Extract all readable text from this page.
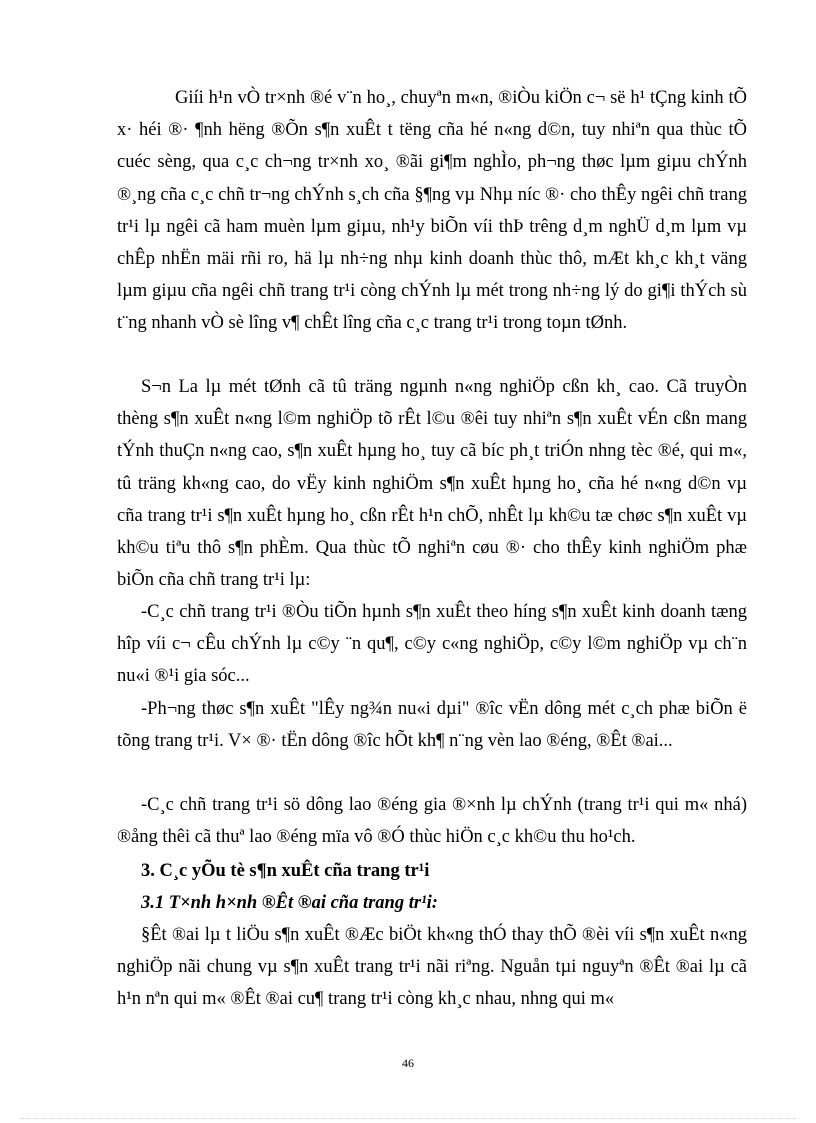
Giíi h¹n vÒ tr×nh ®é v¨n ho¸, chuyªn m«n, ®iÒu kiÖn c¬ së h¹ tÇng kinh tÕ x· héi ®· ¶nh hëng ®Õn s¶n xuÊt t tëng cña hé n«ng d©n, tuy nhiªn qua thùc tÕ cuéc sèng, qua c¸c ch¬ng tr×nh xo¸ ®ãi gi¶m nghÌo, ph¬ng thøc lµm giµu chÝnh ®¸ng cña c¸c chñ tr¬ng chÝnh s¸ch cña §¶ng vµ Nhµ níc ®· cho thÊy ngêi chñ trang tr¹i lµ ngêi cã ham muèn lµm giµu, nh¹y biÕn víi thÞ trêng d¸m nghÜ d¸m lµm vµ chÊp nhËn mäi rñi ro, hä lµ nh÷ng nhµ kinh doanh thùc thô, mÆt kh¸c kh¸t väng lµm giµu cña ngêi chñ trang tr¹i còng chÝnh lµ mét trong nh÷ng lý do gi¶i thÝch sù t¨ng nhanh vÒ sè lîng v¶ chÊt lîng cña c¸c trang tr¹i trong toµn tØnh.

S¬n La lµ mét tØnh cã tû träng ngµnh n«ng nghiÖp cßn kh¸ cao. Cã truyÒn thèng s¶n xuÊt n«ng l©m nghiÖp tõ rÊt l©u ®êi tuy nhiªn s¶n xuÊt vÉn cßn mang tÝnh thuÇn n«ng cao, s¶n xuÊt hµng ho¸ tuy cã bíc ph¸t triÓn nhng tèc ®é, qui m«, tû träng kh«ng cao, do vËy kinh nghiÖm s¶n xuÊt hµng ho¸ cña hé n«ng d©n vµ cña trang tr¹i s¶n xuÊt hµng ho¸ cßn rÊt h¹n chÕ, nhÊt lµ kh©u tæ chøc s¶n xuÊt vµ kh©u tiªu thô s¶n phÈm. Qua thùc tÕ nghiªn cøu ®· cho thÊy kinh nghiÖm phæ biÕn cña chñ trang tr¹i lµ:

-C¸c chñ trang tr¹i ®Òu tiÕn hµnh s¶n xuÊt theo híng s¶n xuÊt kinh doanh tæng hîp víi c¬ cÊu chÝnh lµ c©y ¨n qu¶, c©y c«ng nghiÖp, c©y l©m nghiÖp vµ ch¨n nu«i ®¹i gia sóc...

-Ph¬ng thøc s¶n xuÊt "lÊy ng¾n nu«i dµi" ®îc vËn dông mét c¸ch phæ biÕn ë tõng trang tr¹i. V× ®· tËn dông ®îc hÕt kh¶ n¨ng vèn lao ®éng, ®Êt ®ai...

-C¸c chñ trang tr¹i sö dông lao ®éng gia ®×nh lµ chÝnh (trang tr¹i qui m« nhá) ®ång thêi cã thuª lao ®éng mïa vô ®Ó thùc hiÖn c¸c kh©u thu ho¹ch.

3. C¸c yÕu tè s¶n xuÊt cña trang tr¹i

3.1 T×nh h×nh ®Êt ®ai cña trang tr¹i:

§Êt ®ai lµ t liÖu s¶n xuÊt ®Æc biÖt kh«ng thÓ thay thÕ ®èi víi s¶n xuÊt n«ng nghiÖp nãi chung vµ s¶n xuÊt trang tr¹i nãi riªng. Nguån tµi nguyªn ®Êt ®ai lµ cã h¹n nªn qui m« ®Êt ®ai cu¶ trang tr¹i còng kh¸c nhau, nhng qui m«

46
